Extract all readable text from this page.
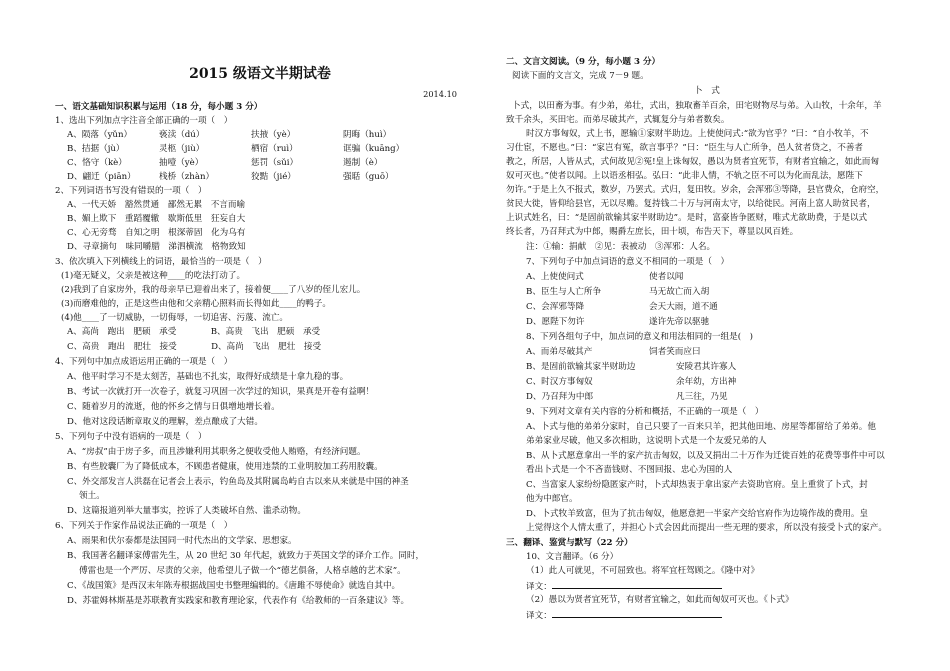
2015 级语文半期试卷
2014.10
一、语文基础知识积累与运用（18 分，每小题 3 分）
1、选出下列加点字注音全部正确的一项（　）
A、陨落（yǔn）	亵渎（dú）	扶掖（yè）	阴晦（huì）
B、拮据（jù）	灵柩（jiù）	栖宿（ruì）	诓骗（kuāng）
C、恪守（kè）	抽噎（yè）	惩罚（sǔi）	遏制（è）
D、翩迁（piān）	栈桥（zhàn）	狡黠（jié）	强聒（guō）
2、下列词语书写没有错误的一项（　）
A、一代天娇　豁然贯通　鄙然无累　不言而喻
B、媚上欺下　重蹈覆辙　歇斯低里　狂妄自大
C、心无旁骛　自知之明　根深蒂固　化为乌有
D、寻章摘句　味同嚼腊　涕泗横流　格物致知
3、依次填入下列横线上的词语，最恰当的一项是（　）
(1)毫无疑义，父亲是被这种____的吃法打动了。
(2)我到了自家房外，我的母亲早已迎着出来了，接着便____了八岁的侄儿宏儿。
(3)而磨难他的，正是这些由他和父亲精心照料而长得如此____的鸭子。
(4)他____了一切威胁，一切侮辱，一切追害、污蔑、流亡。
A、高尚　跑出　肥硕　承受　　　　B、高贵　飞出　肥硕　承受
C、高贵　跑出　肥壮　接受　　　　D、高尚　飞出　肥壮　接受
4、下列句中加点成语运用正确的一项是（　）
A、他平时学习不是太刻苦，基础也不扎实，取得好成绩是十拿九稳的事。
B、考试一次就打开一次卷子，就复习巩固一次学过的知识，果真是开卷有益啊！
C、随着岁月的流逝，他的怀乡之情与日俱增地增长着。
D、他对这段话断章取义的理解，差点酿成了大错。
5、下列句子中没有语病的一项是（　）
A、“房叔”由于房子多，而且涉嫌利用其职务之便收受他人贿赂，有经济问题。
B、有些胶囊厂为了降低成本，不顾患者健康，使用违禁的工业明胶加工药用胶囊。
C、外交部发言人洪磊在记者会上表示，钓鱼岛及其附属岛屿自古以来从来就是中国的神圣
领土。
D、这篇报道列举大量事实，控诉了人类破坏自然、滥杀动物。
6、下列关于作家作品说法正确的一项是（　）
A、雨果和伏尔泰都是法国同一时代杰出的文学家、思想家。
B、我国著名翻译家傅雷先生，从 20 世纪 30 年代起，就致力于英国文学的译介工作。同时，
傅雷也是一个严厉、尽责的父亲，他希望儿子做一个“德艺俱备，人格卓越的艺术家”。
C、《战国策》是西汉末年陈寿根据战国史书整理编辑的。《唐雎不辱使命》就选自其中。
D、苏霍姆林斯基是苏联教育实践家和教育理论家，代表作有《给教师的一百条建议》等。
二、文言文阅读。（9 分，每小题 3 分）
阅读下面的文言文，完成 7－9 题。
卜　式
卜式，以田畜为事。有少弟，弟壮，式出，独取畜羊百余，田宅财物尽与弟。入山牧，十余年，羊
致千余头，买田宅。而弟尽破其产，式辄复分与弟者数矣。
时汉方事匈奴，式上书，愿输①家财半助边。上使使问式:“欲为官乎？”曰：“自小牧羊，不
习仕宦，不愿也。”曰：“家岂有冤，欲言事乎？”曰：“臣生与人亡所争，邑人贫者贷之，不善者
教之，所居，人皆从式，式何故见②冤!皇上诛匈奴，愚以为贤者宜死节，有财者宜输之，如此而匈
奴可灭也。”使者以闻。上以语丞相弘。弘曰：“此非人情，不轨之臣不可以为化而乱法，愿陛下
勿许。”于是上久不报式，数岁，乃罢式。式归，复田牧。岁余，会浑邪③等降，县官费众，仓府空，
贫民大徙，皆仰给县官，无以尽赡。复持钱二十万与河南太守，以给徙民。河南上富人助贫民者，
上识式姓名，曰：“是固前欲输其家半财助边”。是时，富豪皆争匿财，唯式尤欲助费，于是以式
终长者，乃召拜式为中郎，赐爵左庶长，田十顷，布告天下，尊显以风百姓。
注：①输：捐献　②见：表被动　③浑邪：人名。
7、下列句子中加点词语的意义不相同的一项是（　）
A、上使使问式	使者以闻
B、臣生与人亡所争	马无故亡而入胡
C、会浑邪等降	会天大雨，道不通
D、愿陛下勿许	遂许先帝以驱驰
8、下列各组句子中，加点词的意义和用法相同的一组是(　)
A、而弟尽破其产	饲者笑而应曰
B、是固前欲输其家半财助边	安陵君其许寡人
C、时汉方事匈奴	余年幼，方出神
D、乃召拜为中郎	凡三往，乃见
9、下列对文章有关内容的分析和概括，不正确的一项是（　）
A、卜式与他的弟弟分家时，自己只要了一百来只羊，把其他田地、房屋等都留给了弟弟。他
弟弟家业尽破，他又多次相助，这说明卜式是一个友爱兄弟的人
B、从卜式愿意拿出一半的家产抗击匈奴，以及又捐出二十万作为迁徙百姓的花费等事件中可以
看出卜式是一个不吝啬钱财、不图回报、忠心为国的人
C、当富家人家纷纷隐匿家产时，卜式却热衷于拿出家产去资助官府。皇上重赏了卜式，封
他为中郎官。
D、卜式牧羊致富，但为了抗击匈奴，他愿意把一半家产交给官府作为边境作战的费用。皇
上觉得这个人情太重了，并担心卜式会因此而提出一些无理的要求，所以没有接受卜式的家产。
三、翻译、鉴赏与默写（22 分）
10、文言翻译。（6 分）
（1）此人可就见，不可屈致也。将军宜枉驾顾之。《隆中对》
译文：
（2）愚以为贤者宜死节，有财者宜输之，如此而匈奴可灭也。《卜式》
译文：
